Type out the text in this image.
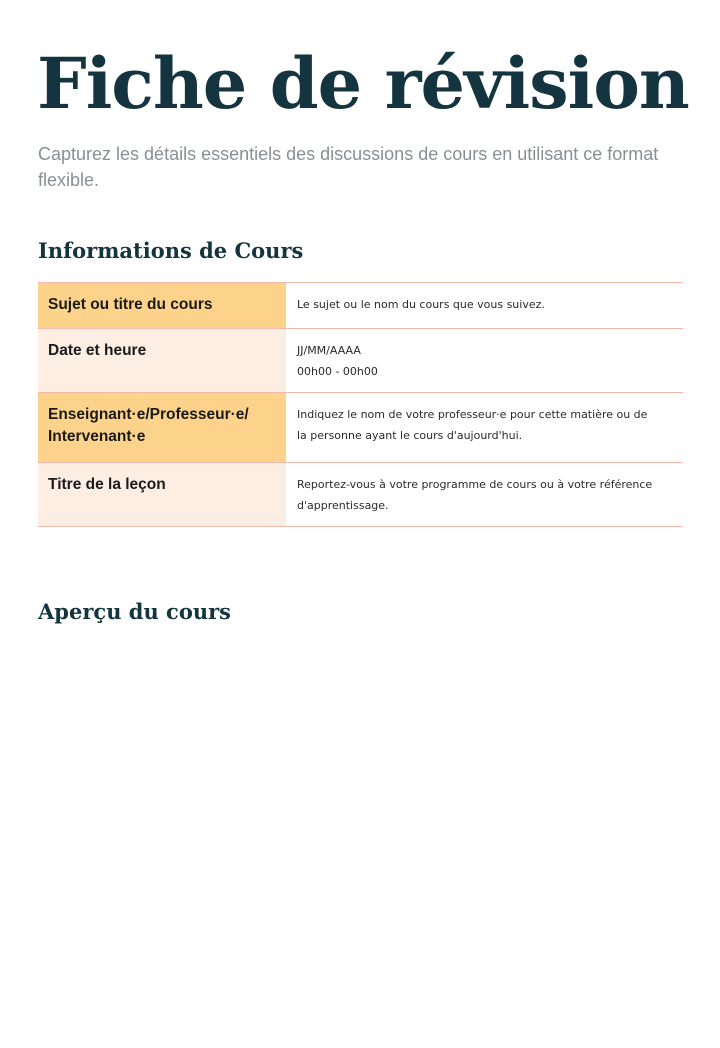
Fiche de révision

Capturez les détails essentiels des discussions de cours en utilisant ce format flexible.

Informations de Cours
Sujet ou titre du cours	Le sujet ou le nom du cours que vous suivez.

Date et heure	JJ/MM/AAAA
00h00 - 00h00

Enseignant·e/Professeur·e/
Intervenant·e	Indiquez le nom de votre professeur·e pour cette matière ou de
la personne ayant le cours d'aujourd'hui.

Titre de la leçon	Reportez-vous à votre programme de cours ou à votre référence
d'apprentissage.
Aperçu du cours
